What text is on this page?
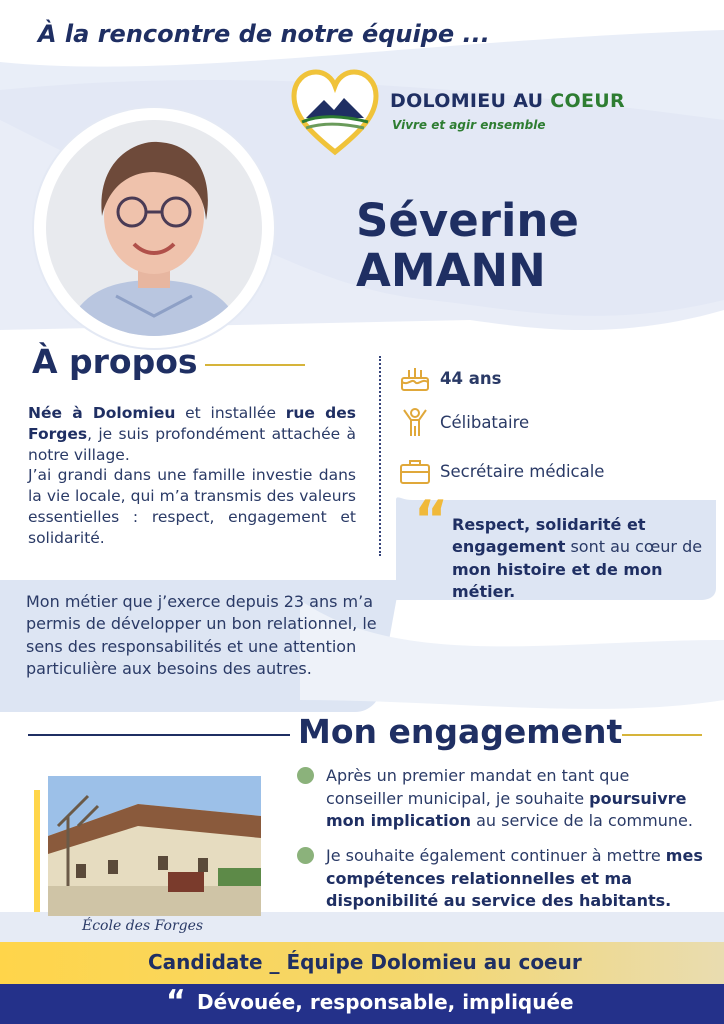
À la rencontre de notre équipe ...
DOLOMIEU AU COEUR
Vivre et agir ensemble
Séverine
AMANN
À propos

Née à Dolomieu et installée rue des Forges, je suis profondément attachée à notre village.

J’ai grandi dans une famille investie dans la vie locale, qui m’a transmis des valeurs essentielles : respect, engagement et solidarité.

44 ans
Célibataire
Secrétaire médicale
“ Respect, solidarité et engagement sont au cœur de mon histoire et de mon métier.
Mon métier que j’exerce depuis 23 ans m’a permis de développer un bon relationnel, le sens des responsabilités et une attention particulière aux besoins des autres.
Mon engagement
École des Forges
Après un premier mandat en tant que conseiller municipal, je souhaite poursuivre mon implication au service de la commune.
Je souhaite également continuer à mettre mes compétences relationnelles et ma disponibilité au service des habitants.
Candidate _ Équipe Dolomieu au coeur
“ Dévouée, responsable, impliquée
